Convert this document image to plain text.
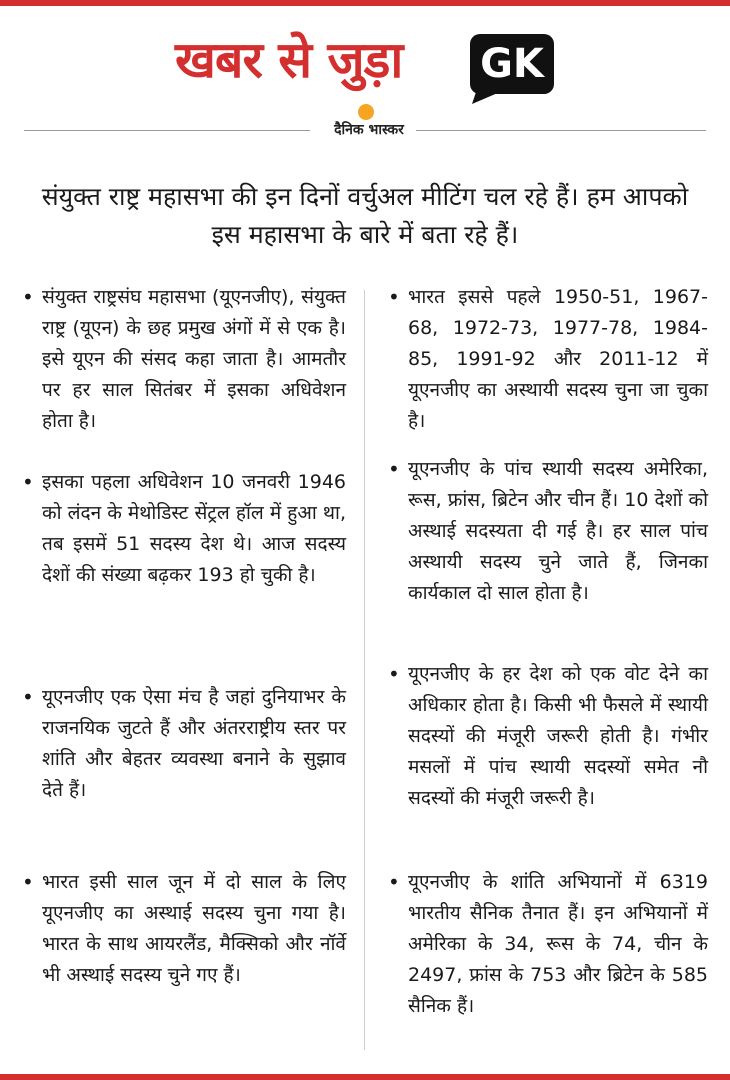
खबर से जुड़ा GK
दैनिक भास्कर
संयुक्त राष्ट्र महासभा की इन दिनों वर्चुअल मीटिंग चल रहे हैं। हम आपको इस महासभा के बारे में बता रहे हैं।
• संयुक्त राष्ट्रसंघ महासभा (यूएनजीए), संयुक्त राष्ट्र (यूएन) के छह प्रमुख अंगों में से एक है। इसे यूएन की संसद कहा जाता है। आमतौर पर हर साल सितंबर में इसका अधिवेशन होता है।
• इसका पहला अधिवेशन 10 जनवरी 1946 को लंदन के मेथोडिस्ट सेंट्रल हॉल में हुआ था, तब इसमें 51 सदस्य देश थे। आज सदस्य देशों की संख्या बढ़कर 193 हो चुकी है।
• यूएनजीए एक ऐसा मंच है जहां दुनियाभर के राजनयिक जुटते हैं और अंतरराष्ट्रीय स्तर पर शांति और बेहतर व्यवस्था बनाने के सुझाव देते हैं।
• भारत इसी साल जून में दो साल के लिए यूएनजीए का अस्थाई सदस्य चुना गया है। भारत के साथ आयरलैंड, मैक्सिको और नॉर्वे भी अस्थाई सदस्य चुने गए हैं।
• भारत इससे पहले 1950-51, 1967-68, 1972-73, 1977-78, 1984-85, 1991-92 और 2011-12 में यूएनजीए का अस्थायी सदस्य चुना जा चुका है।
• यूएनजीए के पांच स्थायी सदस्य अमेरिका, रूस, फ्रांस, ब्रिटेन और चीन हैं। 10 देशों को अस्थाई सदस्यता दी गई है। हर साल पांच अस्थायी सदस्य चुने जाते हैं, जिनका कार्यकाल दो साल होता है।
• यूएनजीए के हर देश को एक वोट देने का अधिकार होता है। किसी भी फैसले में स्थायी सदस्यों की मंजूरी जरूरी होती है। गंभीर मसलों में पांच स्थायी सदस्यों समेत नौ सदस्यों की मंजूरी जरूरी है।
• यूएनजीए के शांति अभियानों में 6319 भारतीय सैनिक तैनात हैं। इन अभियानों में अमेरिका के 34, रूस के 74, चीन के 2497, फ्रांस के 753 और ब्रिटेन के 585 सैनिक हैं।
